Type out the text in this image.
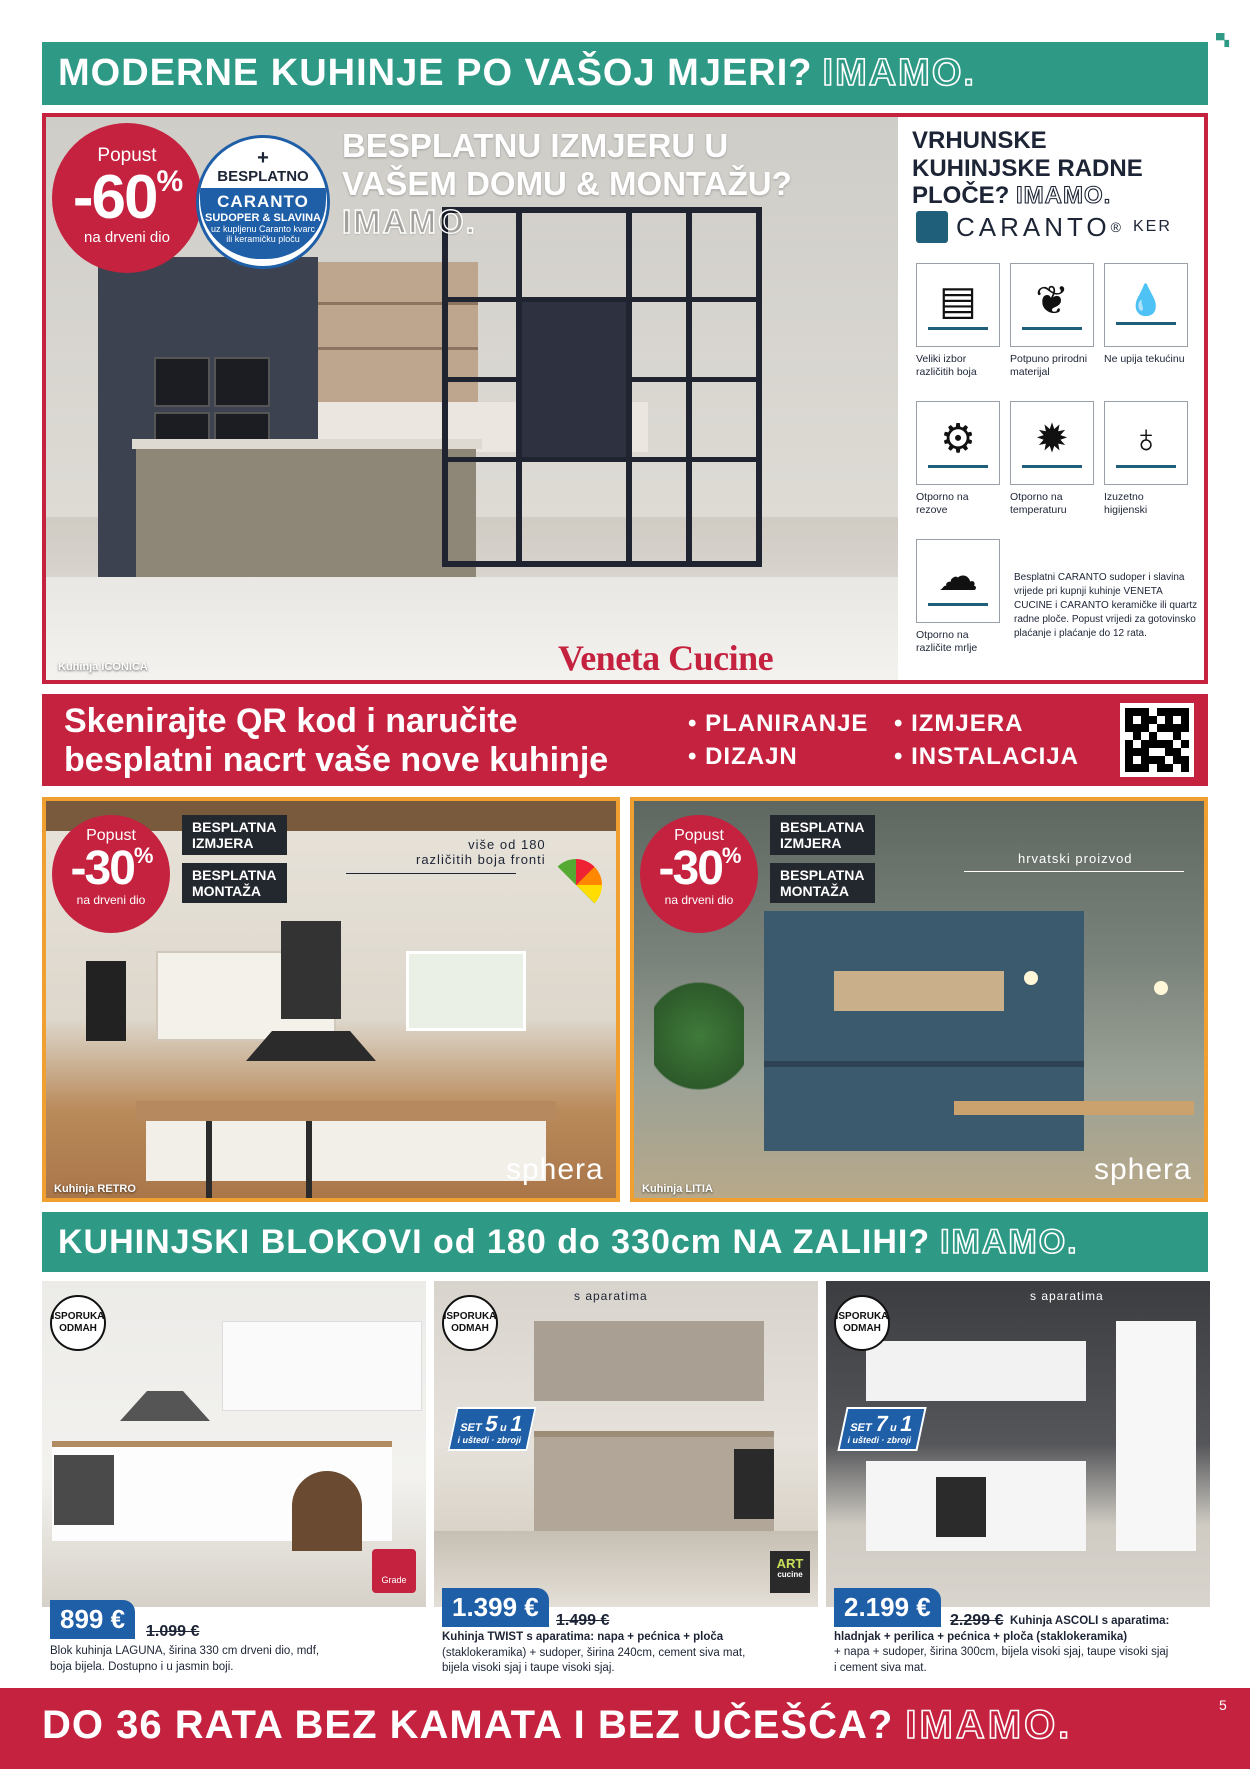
▀▖
MODERNE KUHINJE PO VAŠOJ MJERI? IMAMO.
Popust
-60%
na drveni dio
+
BESPLATNO
CARANTO
SUDOPER & SLAVINA
uz kupljenu Caranto kvarc
ili keramičku ploču
BESPLATNU IZMJERU U
VAŠEM DOMU & MONTAŽU?
IMAMO.
Veneta Cucine
Kuhinja ICONICA
VRHUNSKE
KUHINJSKE RADNE
PLOČE? IMAMO.
CARANTO ® KER
▤
Veliki izbor različitih boja
❦
Potpuno prirodni materijal
💧
Ne upija tekućinu
⚙
Otporno na rezove
✹
Otporno na temperaturu
♁
Izuzetno higijenski
☁
Otporno na različite mrlje
Besplatni CARANTO sudoper i slavina vrijede pri kupnji kuhinje VENETA CUCINE i CARANTO keramičke ili quartz radne ploče. Popust vrijedi za gotovinsko plaćanje i plaćanje do 12 rata.
Skenirajte QR kod i naručite
besplatni nacrt vaše nove kuhinje
• PLANIRANJE
• DIZAJN
• IZMJERA
• INSTALACIJA
Popust
-30%
na drveni dio
BESPLATNA
IZMJERA
BESPLATNA
MONTAŽA
više od 180
različitih boja fronti
sphera
Kuhinja RETRO
Popust
-30%
na drveni dio
BESPLATNA
IZMJERA
BESPLATNA
MONTAŽA
hrvatski proizvod
sphera
Kuhinja LITIA
KUHINJSKI BLOKOVI od 180 do 330cm NA ZALIHI? IMAMO.
ISPORUKA
ODMAH
Grade
899 €	1.099 €
Blok kuhinja LAGUNA, širina 330 cm drveni dio, mdf,
boja bijela. Dostupno i u jasmin boji.
ISPORUKA
ODMAH
s aparatima
SET 5 u 1
i uštedi · zbroji
ART
cucine
1.399 €	1.499 €
Kuhinja TWIST s aparatima: napa + pećnica + ploča
(staklokeramika) + sudoper, širina 240cm, cement siva mat,
bijela visoki sjaj i taupe visoki sjaj.
ISPORUKA
ODMAH
s aparatima
SET 7 u 1
i uštedi · zbroji
2.199 €	2.299 € Kuhinja ASCOLI s aparatima:
hladnjak + perilica + pećnica + ploča (staklokeramika)
+ napa + sudoper, širina 300cm, bijela visoki sjaj, taupe visoki sjaj
i cement siva mat.
DO 36 RATA BEZ KAMATA I BEZ UČEŠĆA? IMAMO.	5
